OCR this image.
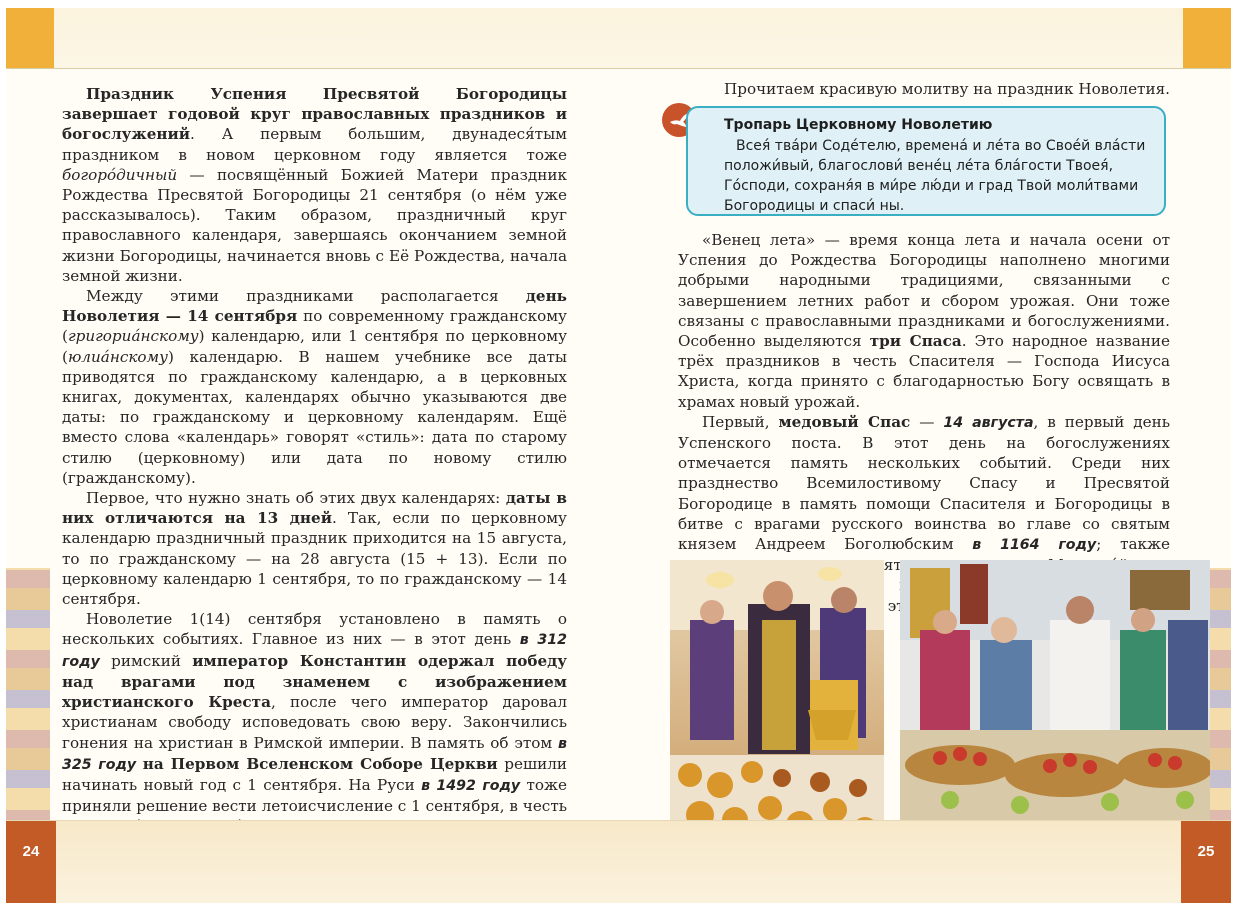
Праздник Успения Пресвятой Богородицы завершает годовой круг православных праздников и богослужений. А первым большим, двунадеся́тым праздником в новом церковном году является тоже богоро́дичный — посвящённый Божией Матери праздник Рождества Пресвятой Богородицы 21 сентября (о нём уже рассказывалось). Таким образом, праздничный круг православного календаря, завершаясь окончанием земной жизни Богородицы, начинается вновь с Её Рождества, начала земной жизни.

Между этими праздниками располагается день Новолетия — 14 сентября по современному гражданскому (григориа́нскому) календарю, или 1 сентября по церковному (юлиа́нскому) календарю. В нашем учебнике все даты приводятся по гражданскому календарю, а в церковных книгах, документах, календарях обычно указываются две даты: по гражданскому и церковному календарям. Ещё вместо слова «календарь» говорят «стиль»: дата по старому стилю (церковному) или дата по новому стилю (гражданскому).

Первое, что нужно знать об этих двух календарях: даты в них отличаются на 13 дней. Так, если по церковному календарю праздничный праздник приходится на 15 августа, то по гражданскому — на 28 августа (15 + 13). Если по церковному календарю 1 сентября, то по гражданскому — 14 сентября.

Новолетие 1(14) сентября установлено в память о нескольких событиях. Главное из них — в этот день в 312 году римский император Константин одержал победу над врагами под знаменем с изображением христианского Креста, после чего император даровал христианам свободу исповедовать свою веру. Закончились гонения на христиан в Римской империи. В память об этом в 325 году на Первом Вселенском Соборе Церкви решили начинать новый год с 1 сентября. На Руси в 1492 году тоже приняли решение вести летоисчисление с 1 сентября, в честь

24

Прочитаем красивую молитву на праздник Новолетия.

Тропарь Церковному Новолетию
Всея́ тва́ри Соде́телю, времена́ и ле́та во Свое́й вла́сти положи́вый, благослови́ вене́ц ле́та бла́гости Твоея́, Го́споди, сохраня́я в ми́ре лю́ди и град Твой моли́твами Богородицы и спаси́ ны.

«Венец лета» — время конца лета и начала осени от Успения до Рождества Богородицы наполнено многими добрыми народными традициями, связанными с завершением летних работ и сбором урожая. Они тоже связаны с православными праздниками и богослужениями. Особенно выделяются три Спаса. Это народное название трёх праздников в честь Спасителя — Господа Иисуса Христа, когда принято с благодарностью Богу освящать в храмах новый урожай.

Первый, медовый Спас — 14 августа, в первый день Успенского поста. В этот день на богослужениях отмечается память нескольких событий. Среди них празднество Всемилостивому Спасу и Пресвятой Богородице в память помощи Спасителя и Богородицы в битве с врагами русского воинства во главе со святым князем Андреем Боголюбским в 1164 году; также святых

25
